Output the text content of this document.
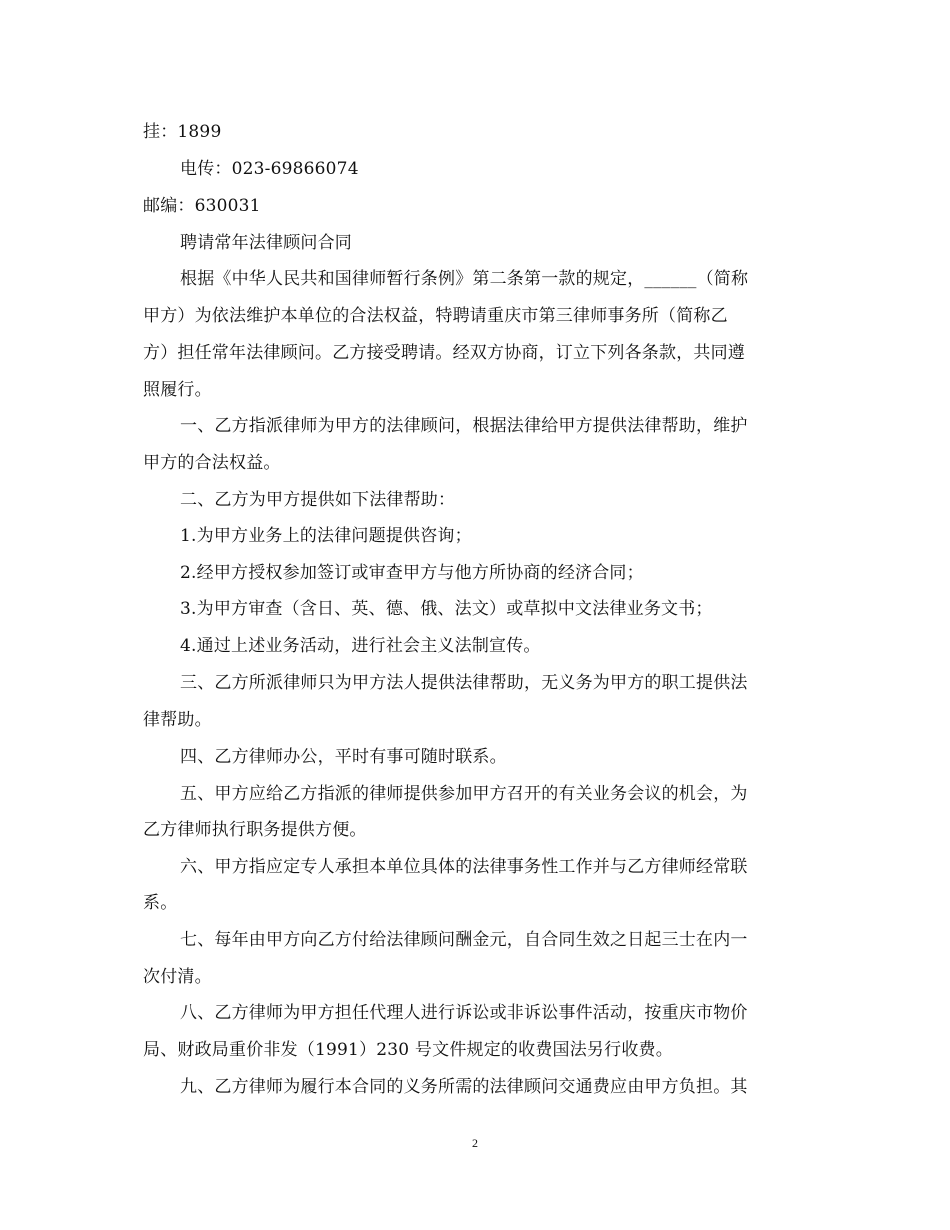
挂：1899
电传：023-69866074
邮编：630031
聘请常年法律顾问合同
根据《中华人民共和国律师暂行条例》第二条第一款的规定，______（简称
甲方）为依法维护本单位的合法权益，特聘请重庆市第三律师事务所（简称乙
方）担任常年法律顾问。乙方接受聘请。经双方协商，订立下列各条款，共同遵
照履行。
一、乙方指派律师为甲方的法律顾问，根据法律给甲方提供法律帮助，维护
甲方的合法权益。
二、乙方为甲方提供如下法律帮助：
1.为甲方业务上的法律问题提供咨询；
2.经甲方授权参加签订或审查甲方与他方所协商的经济合同；
3.为甲方审查（含日、英、德、俄、法文）或草拟中文法律业务文书；
4.通过上述业务活动，进行社会主义法制宣传。
三、乙方所派律师只为甲方法人提供法律帮助，无义务为甲方的职工提供法
律帮助。
四、乙方律师办公，平时有事可随时联系。
五、甲方应给乙方指派的律师提供参加甲方召开的有关业务会议的机会，为
乙方律师执行职务提供方便。
六、甲方指应定专人承担本单位具体的法律事务性工作并与乙方律师经常联
系。
七、每年由甲方向乙方付给法律顾问酬金元，自合同生效之日起三士在内一
次付清。
八、乙方律师为甲方担任代理人进行诉讼或非诉讼事件活动，按重庆市物价
局、财政局重价非发（1991）230 号文件规定的收费国法另行收费。
九、乙方律师为履行本合同的义务所需的法律顾问交通费应由甲方负担。其
2
